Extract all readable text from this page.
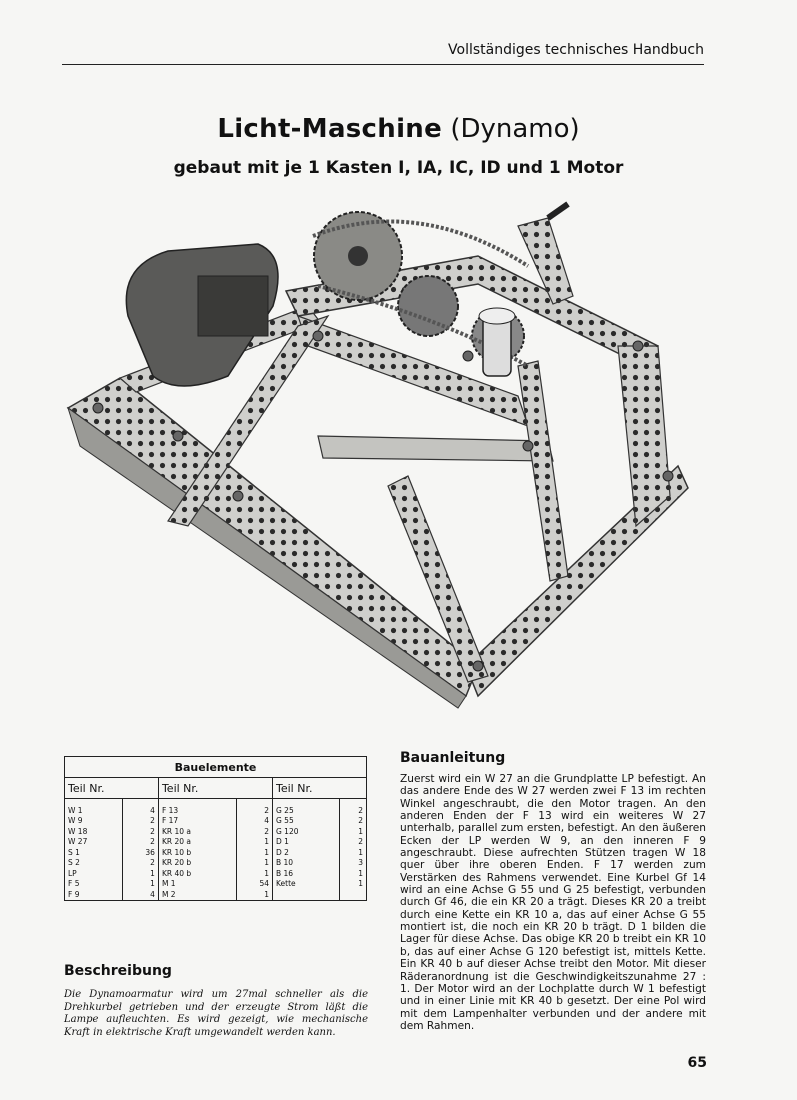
Vollständiges technisches Handbuch
Licht-Maschine (Dynamo)
gebaut mit je 1 Kasten I, IA, IC, ID und 1 Motor
Bauelemente					
Teil Nr.		Teil Nr.		Teil Nr.	

W 1	4	F 13	2	G 25	2
W 9	2	F 17	4	G 55	2
W 18	2	KR 10 a	2	G 120	1
W 27	2	KR 20 a	1	D 1	2
S 1	36	KR 10 b	1	D 2	1
S 2	2	KR 20 b	1	B 10	3
LP	1	KR 40 b	1	B 16	1
F 5	1	M 1	54	Kette	1
F 9	4	M 2	1		
Beschreibung
Die Dynamoarmatur wird um 27mal schneller als die Drehkurbel getrieben und der erzeugte Strom läßt die Lampe aufleuchten. Es wird gezeigt, wie mechanische Kraft in elektrische Kraft umgewandelt werden kann.
Bauanleitung

Zuerst wird ein W 27 an die Grundplatte LP befestigt. An das andere Ende des W 27 werden zwei F 13 im rechten Winkel angeschraubt, die den Motor tragen. An den anderen Enden der F 13 wird ein weiteres W 27 unterhalb, parallel zum ersten, befestigt. An den äußeren Ecken der LP werden W 9, an den inneren F 9 angeschraubt. Diese aufrechten Stützen tragen W 18 quer über ihre oberen Enden. F 17 werden zum Verstärken des Rahmens verwendet. Eine Kurbel Gf 14 wird an eine Achse G 55 und G 25 befestigt, verbunden durch Gf 46, die ein KR 20 a trägt. Dieses KR 20 a treibt durch eine Kette ein KR 10 a, das auf einer Achse G 55 montiert ist, die noch ein KR 20 b trägt. D 1 bilden die Lager für diese Achse. Das obige KR 20 b treibt ein KR 10 b, das auf einer Achse G 120 befestigt ist, mittels Kette. Ein KR 40 b auf dieser Achse treibt den Motor. Mit dieser Räderanordnung ist die Geschwindigkeitszunahme 27 : 1. Der Motor wird an der Lochplatte durch W 1 befestigt und in einer Linie mit KR 40 b gesetzt. Der eine Pol wird mit dem Lampenhalter verbunden und der andere mit dem Rahmen.

65
